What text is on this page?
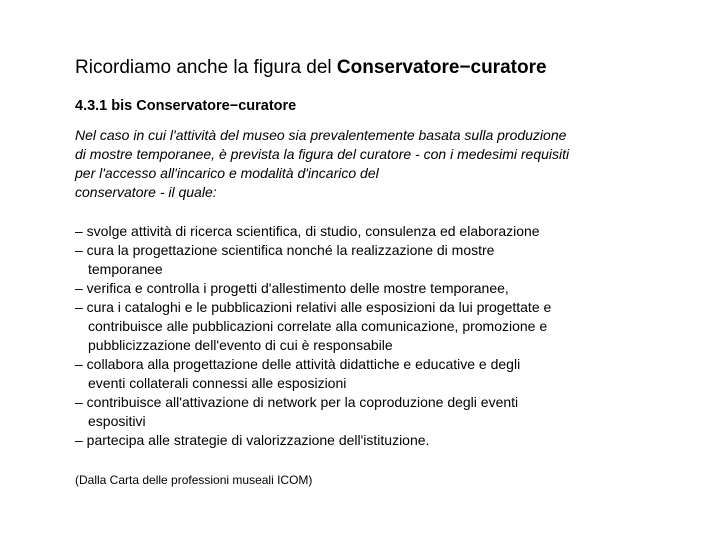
Ricordiamo anche la figura del Conservatore−curatore
4.3.1 bis Conservatore−curatore
Nel caso in cui l'attività del museo sia prevalentemente basata sulla produzione
di mostre temporanee, è prevista la figura del curatore - con i medesimi requisiti
per l'accesso all'incarico e modalità d'incarico del
conservatore - il quale:
– svolge attività di ricerca scientifica, di studio, consulenza ed elaborazione
– cura la progettazione scientifica nonché la realizzazione di mostre
temporanee
– verifica e controlla i progetti d'allestimento delle mostre temporanee,
– cura i cataloghi e le pubblicazioni relativi alle esposizioni da lui progettate e
contribuisce alle pubblicazioni correlate alla comunicazione, promozione e
pubblicizzazione dell'evento di cui è responsabile
– collabora alla progettazione delle attività didattiche e educative e degli
eventi collaterali connessi alle esposizioni
– contribuisce all'attivazione di network per la coproduzione degli eventi
espositivi
– partecipa alle strategie di valorizzazione dell'istituzione.
(Dalla Carta delle professioni museali ICOM)
